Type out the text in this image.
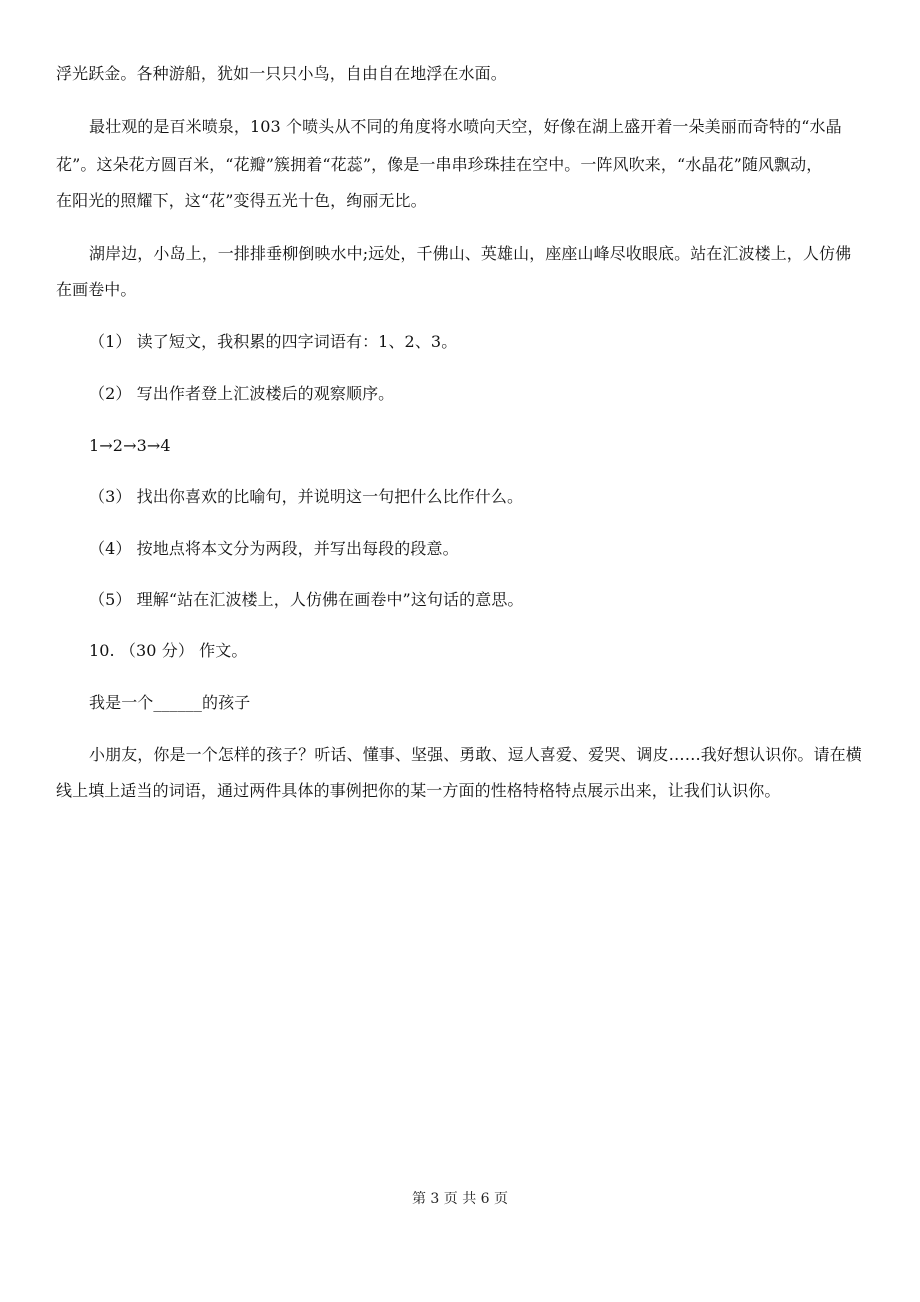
浮光跃金。各种游船，犹如一只只小鸟，自由自在地浮在水面。
最壮观的是百米喷泉，103 个喷头从不同的角度将水喷向天空，好像在湖上盛开着一朵美丽而奇特的“水晶
花”。这朵花方圆百米，“花瓣”簇拥着“花蕊”，像是一串串珍珠挂在空中。一阵风吹来，“水晶花”随风飘动，
在阳光的照耀下，这“花”变得五光十色，绚丽无比。
湖岸边，小岛上，一排排垂柳倒映水中;远处，千佛山、英雄山，座座山峰尽收眼底。站在汇波楼上，人仿佛
在画卷中。
（1） 读了短文，我积累的四字词语有：1、2、3。
（2） 写出作者登上汇波楼后的观察顺序。
1→2→3→4
（3） 找出你喜欢的比喻句，并说明这一句把什么比作什么。
（4） 按地点将本文分为两段，并写出每段的段意。
（5） 理解“站在汇波楼上，人仿佛在画卷中”这句话的意思。
10. （30 分） 作文。
我是一个______的孩子
小朋友，你是一个怎样的孩子？听话、懂事、坚强、勇敢、逗人喜爱、爱哭、调皮……我好想认识你。请在横
线上填上适当的词语，通过两件具体的事例把你的某一方面的性格特格特点展示出来，让我们认识你。
第 3 页 共 6 页
